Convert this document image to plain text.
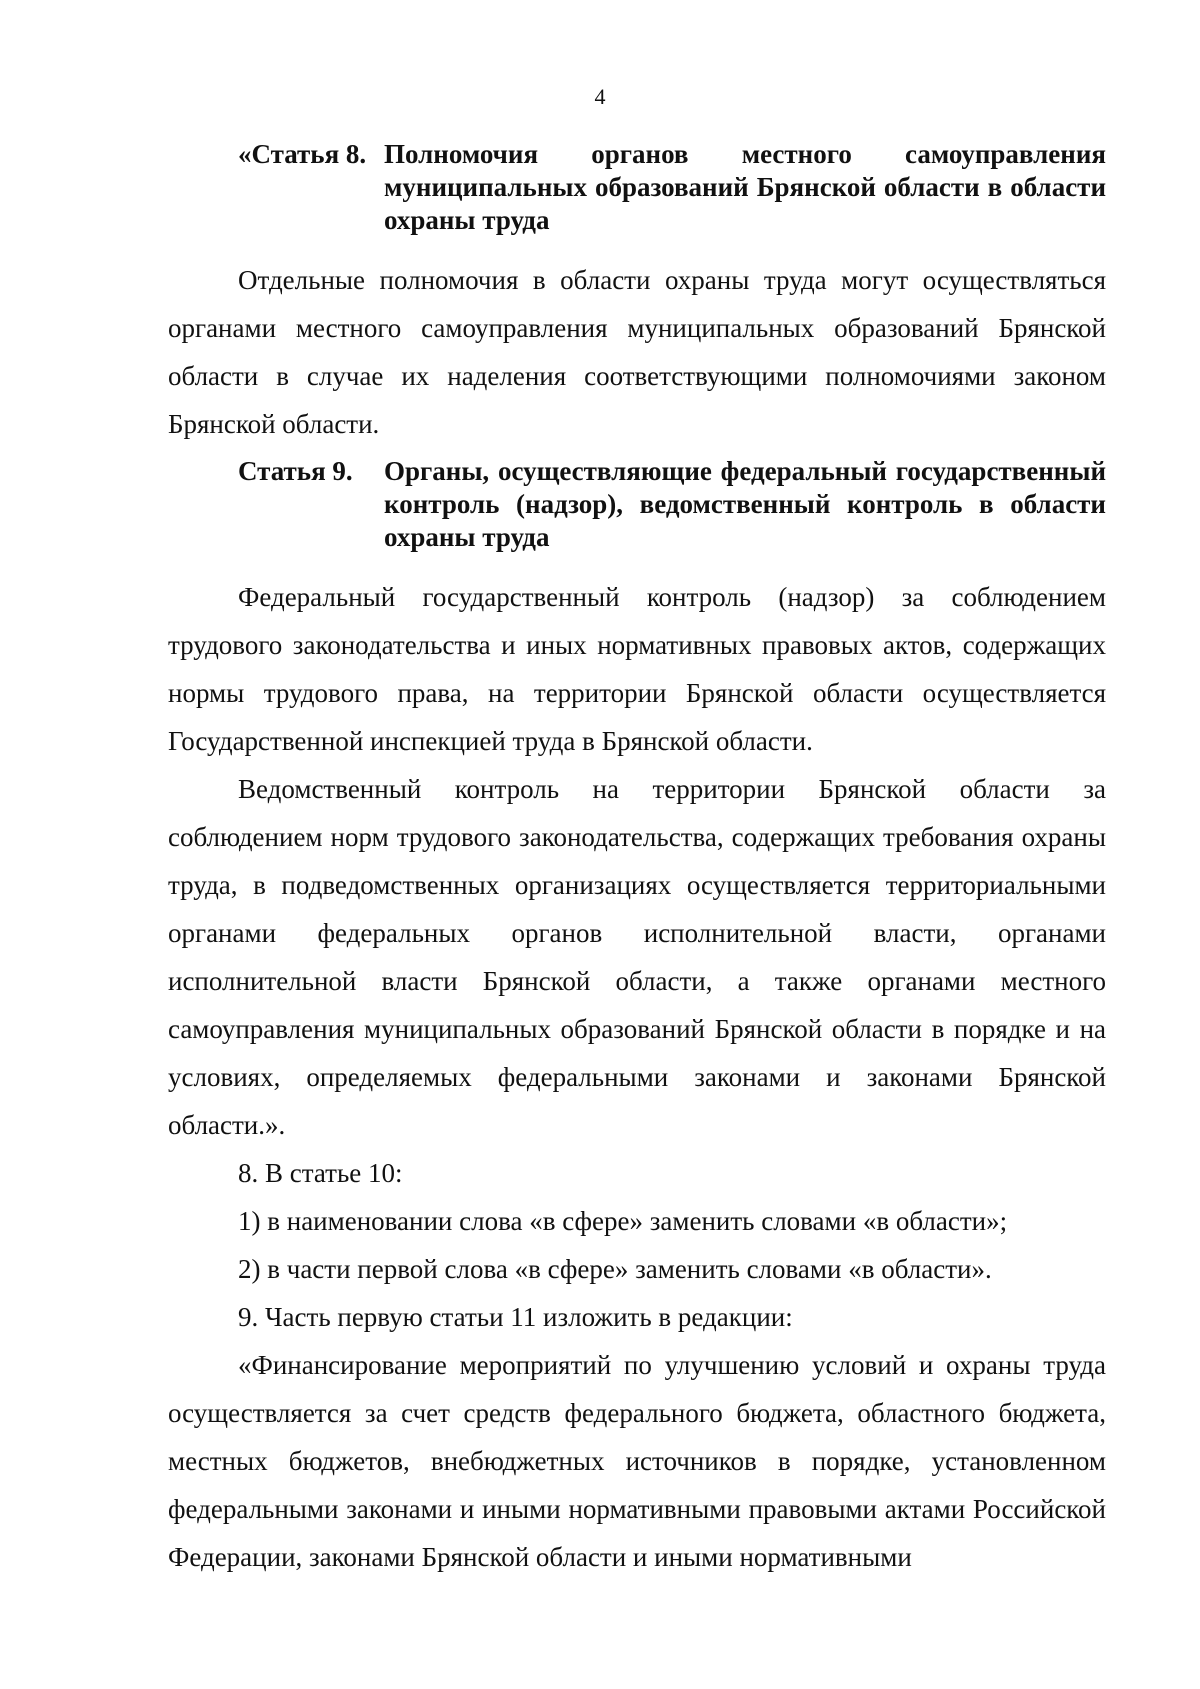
4
«Статья 8. Полномочия органов местного самоуправления муниципальных образований Брянской области в области охраны труда

Отдельные полномочия в области охраны труда могут осуществляться органами местного самоуправления муниципальных образований Брянской области в случае их наделения соответствующими полномочиями законом Брянской области.

Статья 9.	Органы, осуществляющие федеральный государственный контроль (надзор), ведомственный контроль в области охраны труда

Федеральный государственный контроль (надзор) за соблюдением трудового законодательства и иных нормативных правовых актов, содержащих нормы трудового права, на территории Брянской области осуществляется Государственной инспекцией труда в Брянской области.

Ведомственный контроль на территории Брянской области за соблюдением норм трудового законодательства, содержащих требования охраны труда, в подведомственных организациях осуществляется территориальными органами федеральных органов исполнительной власти, органами исполнительной власти Брянской области, а также органами местного самоуправления муниципальных образований Брянской области в порядке и на условиях, определяемых федеральными законами и законами Брянской области.».

8. В статье 10:

1) в наименовании слова «в сфере» заменить словами «в области»;

2) в части первой слова «в сфере» заменить словами «в области».

9. Часть первую статьи 11 изложить в редакции:

«Финансирование мероприятий по улучшению условий и охраны труда осуществляется за счет средств федерального бюджета, областного бюджета, местных бюджетов, внебюджетных источников в порядке, установленном федеральными законами и иными нормативными правовыми актами Российской Федерации, законами Брянской области и иными нормативными
